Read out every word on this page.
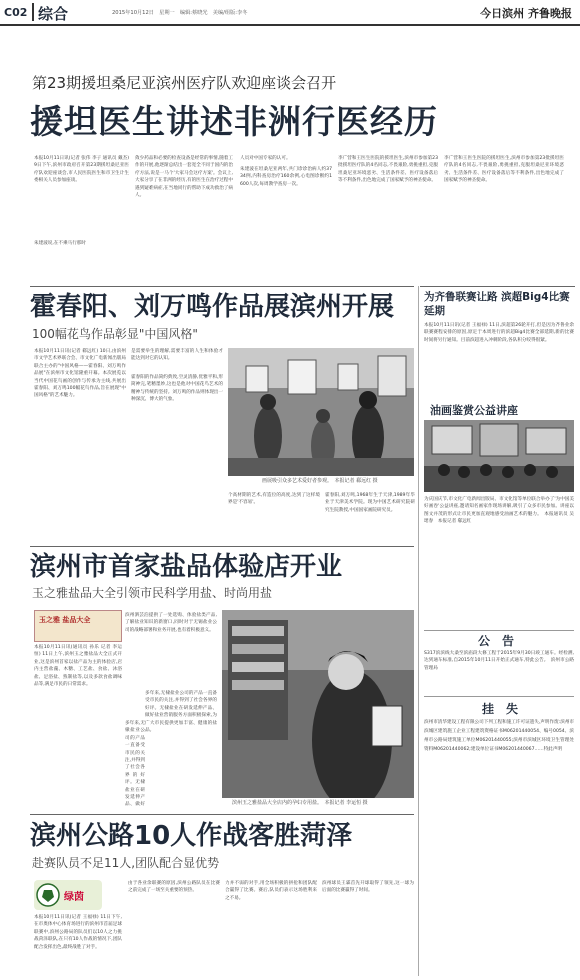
C02 综合	2015年10月12日　星期一　编辑:蔡晓光　美编/组版:李冬	今日滨州 齐鲁晚报
第23期援坦桑尼亚滨州医疗队欢迎座谈会召开
援坦医生讲述非洲行医经历
本报10月11日讯(记者 张伟 李子 通讯员 戴杰) 9日下午,滨州市政府召开第23期援坦桑尼亚医疗队欢迎座谈会,市人民医院医生和市卫生计生委相关人员参加座谈。
朱建波说,在不乘马行那时
敛少药品和必要的检查设备是经常的事情,随着工作的开展,他逐渐总结出一套宽全不同于国内的治疗方法,说是一马个'大家马会这疗方案'。会议上,大家分享了在非洲的经历,有的医生在治疗过程中遇到疑难病症,在当地同行的帮助下成功救治了病人。
人员对中国专家的认可。
朱建波在坦桑尼亚两年,共门诊诊治病人约3734例,内科查房治疗160余例,心电图诊断约1600人次,每周教学查房一次。
李广营和王医生医院的援坦医生,滨州市参加第23批援坦医疗队的4名同志,不畏艰险,勇挑重担,克服坦桑尼亚环境恶劣、生活条件差、医疗设备落后等不利条件,出色地完成了国家赋予的神圣使命。
李广营和王医生医院的援坦医生,滨州市参加第23批援坦医疗队的4名同志,不畏艰险,勇挑重担,克服坦桑尼亚环境恶劣、生活条件差、医疗设备落后等不利条件,出色地完成了国家赋予的神圣使命。
霍春阳、刘万鸣作品展滨州开展
100幅花鸟作品彰显"中国风格"
本报10月11日讯(记者 郗远红) 10日,由滨州市文学艺术界联合会、市文化广电新闻出版局联合主办的"中国风格——霍春阳、刘万鸣作品展"在滨州市文化馆隆重开幕。本次展览以当代中国花鸟画的创作与传承为主线,共展出霍春阳、刘万鸣100幅花鸟作品,旨在展现"中国风格"的艺术魅力。
是需要举生的理解,需要丰富的人生和体验才能达到对它的认知。
霍春阳的作品简约典致,空灵清静,优雅平和,形简神完,笔精墨妙,这也是他对中国花鸟艺术的精神与传统的坚持。刘万鸣的作品则体现出一种深沉、博大的气象。
画展吸引众多艺术爱好者参观。　本报记者 郗远红 摄
个高材期的艺术,有造位的高度,达到了这样境界是'不容易'。
霍春阳,刘万鸣,1968年生于天津,1989年毕业于天津美术学院。现为中国艺术研究院研究生院教授,中国国家画院研究员。
为齐鲁联赛让路 滨超Big4比赛延期
本报10月11日讯(记者 王福禄) 11日,滨超第26轮开打,但是因为齐鲁业余联赛赛程安排的原因,原定于本周进行的滨超Big4比赛全部延期,新的比赛时间将另行通知。目前滨超进入冲刺阶段,各队积分咬得很紧。
油画鉴赏公益讲座
为庆国庆节,市文化广电新闻出版局、市文化馆等单位联合举办了'为中国美好画卷'公益讲座,邀请知名画家作现场讲解,吸引了众多市民参加。讲座以图文并茂的形式让市民更加直观地感受油画艺术的魅力。　本报通讯员 吴珺春　本报记者 郗远红
公　告
S317滨滨线大桑至滨庙段大修工程于2015年9月30日竣工通车。经检测,达到通车标准,自2015年10月11日开始正式通车,特此公告。　滨州市公路管理局
挂　失
滨州市清华建设工程有限公司下列工程和施工许可证遗失,声明作废:滨州市滨城区建筑施工企业工程建筑资格证书M06201440054、编号0054、滨州市公路局建筑施工单位M06201440055;滨州市滨城区环境卫生管理处资料M06201440062;建设单位证书M06201440067……特此声明
滨州市首家盐品体验店开业
玉之雅盐品大全引领市民科学用盐、时尚用盐
玉之雅 盐品大全
本报10月11日讯(通讯员 孙乐 记者 李运恒) 11日上午,滨州玉之雅盐品大全正式开业,这是滨州首家以盐产品为主的体验店,店内主营盐藻、木糖、工艺盐、食盐、沐浴盐、足浴盐、熟制盐等,以及多款食盐调味品等,满足市民的日常需求。
滨州泗芸泊提供了一处选购、体验盐类产品,了解盐业知识的新窗口,同时对于无锡盐业公司的战略部署和业务开展,也有着积极意义。
多年来,无棣盐业公司的产品一直备受市民的关注,并得到了社会各界的好评。无棣盐业在研发延伸产品、做好盐业营销服务方面积极探索,为广大市民提供更加丰富、健康的盐品。
多年来,无棣盐业公司的产品一直备受市民的关注,并得到了社会各界的好评。无棣盐业在研发延伸产品、做好	滨州玉之雅盐品大全店内的孕妇专用盐。　本报记者 李运恒 摄
滨州公路10人作战客胜菏泽
赴赛队员不足11人,团队配合显优势
绿茵
本报10月11日讯(记者 王福禄) 11日下午,在市奥体中心体育场进行的滨州市首届足球联赛中,滨州公路局的队员们以10人之力挑战菏泽联队,在只有10人作战的情况下,团队配合发挥出色,最终战胜了对手。
由于各业余联赛的原因,滨州公路队员在比赛之前完成了一场至关重要的预热。
力并不弱的对手,用全场积极的拼抢和团队配合赢得了比赛。赛后,队员们表示这场胜利来之不易。
滨州球员王霖首先开球取得了领先,这一球为后面的比赛赢得了时间。
